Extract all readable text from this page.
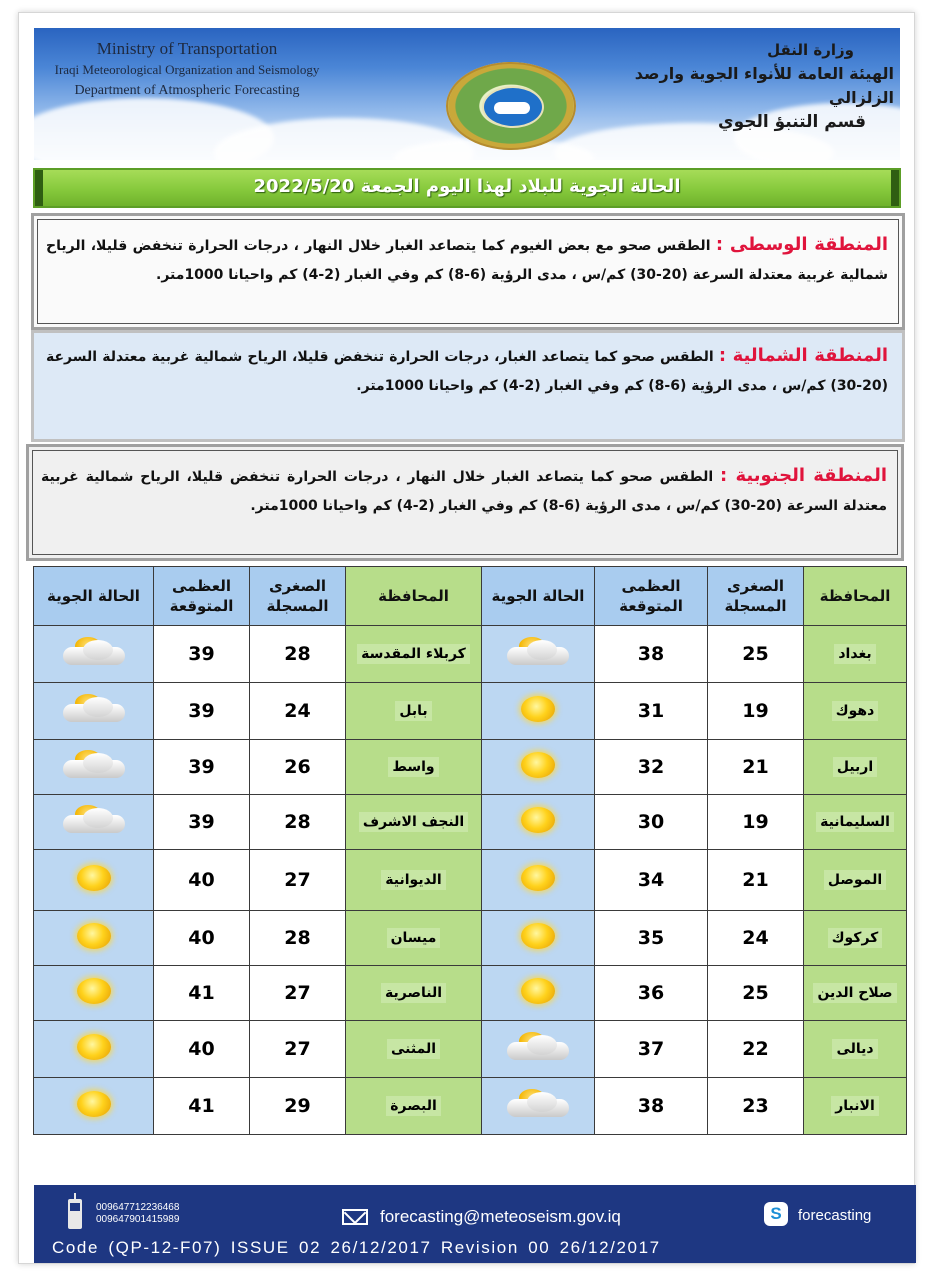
Ministry of Transportation
Iraqi Meteorological Organization and Seismology
Department of Atmospheric Forecasting
وزارة النقل
الهيئة العامة للأنواء الجوية وارصد الزلزالي
قسم التنبؤ الجوي
الحالة الجوية للبلاد لهذا اليوم الجمعة 2022/5/20
المنطقة الوسطى : الطقس صحو مع بعض الغيوم كما يتصاعد الغبار خلال النهار ، درجات الحرارة تنخفض قليلا، الرياح شمالية غربية معتدلة السرعة (20-30) كم/س ، مدى الرؤية (6-8) كم وفي الغبار (2-4) كم واحيانا 1000متر.
المنطقة الشمالية : الطقس صحو كما يتصاعد الغبار، درجات الحرارة تنخفض قليلا، الرياح شمالية غربية معتدلة السرعة (20-30) كم/س ، مدى الرؤية (6-8) كم وفي الغبار (2-4) كم واحيانا 1000متر.
المنطقة الجنوبية : الطقس صحو كما يتصاعد الغبار خلال النهار ، درجات الحرارة تنخفض قليلا، الرياح شمالية غربية معتدلة السرعة (20-30) كم/س ، مدى الرؤية (6-8) كم وفي الغبار (2-4) كم واحيانا 1000متر.
الحالة الجوية	العظمى المتوقعة	الصغرى المسجلة	المحافظة	الحالة الجوية	العظمى المتوقعة	الصغرى المسجلة	المحافظة

	39	28	كربلاء المقدسة		38	25	بغداد

	39	24	بابل		31	19	دهوك

	39	26	واسط		32	21	اربيل

	39	28	النجف الاشرف		30	19	السليمانية
	40	27	الديوانية		34	21	الموصل
	40	28	ميسان		35	24	كركوك
	41	27	الناصرية		36	25	صلاح الدين
	40	27	المثنى		37	22	ديالى
	41	29	البصرة		38	23	الانبار
009647712236468
009647901415989	forecasting@meteoseism.gov.iq	S	forecasting
Code (QP-12-F07) ISSUE 02 26/12/2017 Revision 00 26/12/2017
